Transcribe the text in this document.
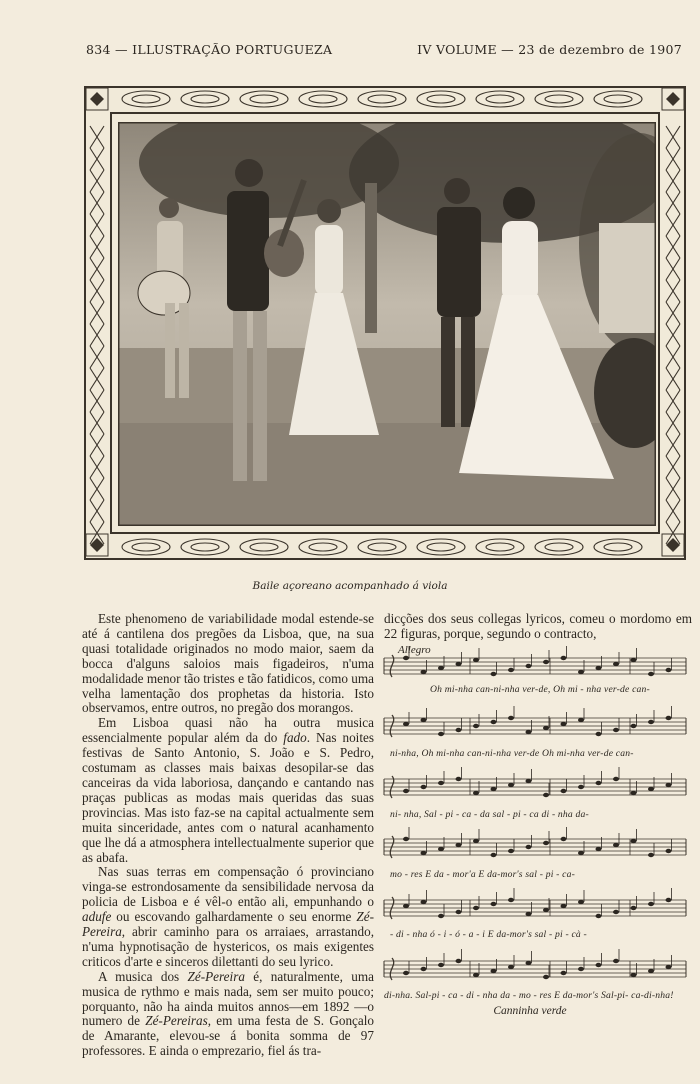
834 — ILLUSTRAÇÃO PORTUGUEZA	IV VOLUME — 23 de dezembro de 1907
Baile açoreano acompanhado á viola

Este phenomeno de variabilidade modal estende-se até á cantilena dos pregões da Lisboa, que, na sua quasi totalidade originados no modo maior, saem da bocca d'alguns saloios mais figadeiros, n'uma modalidade menor tão tristes e tão fatidicos, como uma velha lamentação dos prophetas da historia. Isto observamos, entre outros, no pregão dos morangos.

Em Lisboa quasi não ha outra musica essencialmente popular além da do fado. Nas noites festivas de Santo Antonio, S. João e S. Pedro, costumam as classes mais baixas desopilar-se das canceiras da vida laboriosa, dançando e cantando nas praças publicas as modas mais queridas das suas provincias. Mas isto faz-se na capital actualmente sem muita sinceridade, antes com o natural acanhamento que lhe dá a atmosphera intellectualmente superior que as abafa.

Nas suas terras em compensação ó provinciano vinga-se estrondosamente da sensibilidade nervosa da policia de Lisboa e é vêl-o então ali, empunhando o adufe ou escovando galhardamente o seu enorme Zé-Pereira, abrir caminho para os arraiaes, arrastando, n'uma hypnotisação de hystericos, os mais exigentes criticos d'arte e sinceros dilettanti do seu lyrico.

A musica dos Zé-Pereira é, naturalmente, uma musica de rythmo e mais nada, sem ser muito pouco; porquanto, não ha ainda muitos annos—em 1892 —o numero de Zé-Pereiras, em uma festa de S. Gonçalo de Amarante, elevou-se á bonita somma de 97 professores. E ainda o emprezario, fiel ás tra-

dicções dos seus collegas lyricos, comeu o mordomo em 22 figuras, porque, segundo o contracto,

Allegro
Oh mi-nha can-ni-nha ver-de, Oh mi - nha ver-de can-
ni-nha, Oh mi-nha can-ni-nha ver-de Oh mi-nha ver-de can-
ni- nha, Sal - pi - ca - da sal - pi - ca di - nha da-
mo - res E da - mor'a E da-mor's sal - pi - ca-
- di - nha ó - i - ó - a - i E da-mor's sal - pi - cà -
di-nha. Sal-pi - ca - di - nha da - mo - res E da-mor's Sal-pi- ca-di-nha!
Canninha verde
